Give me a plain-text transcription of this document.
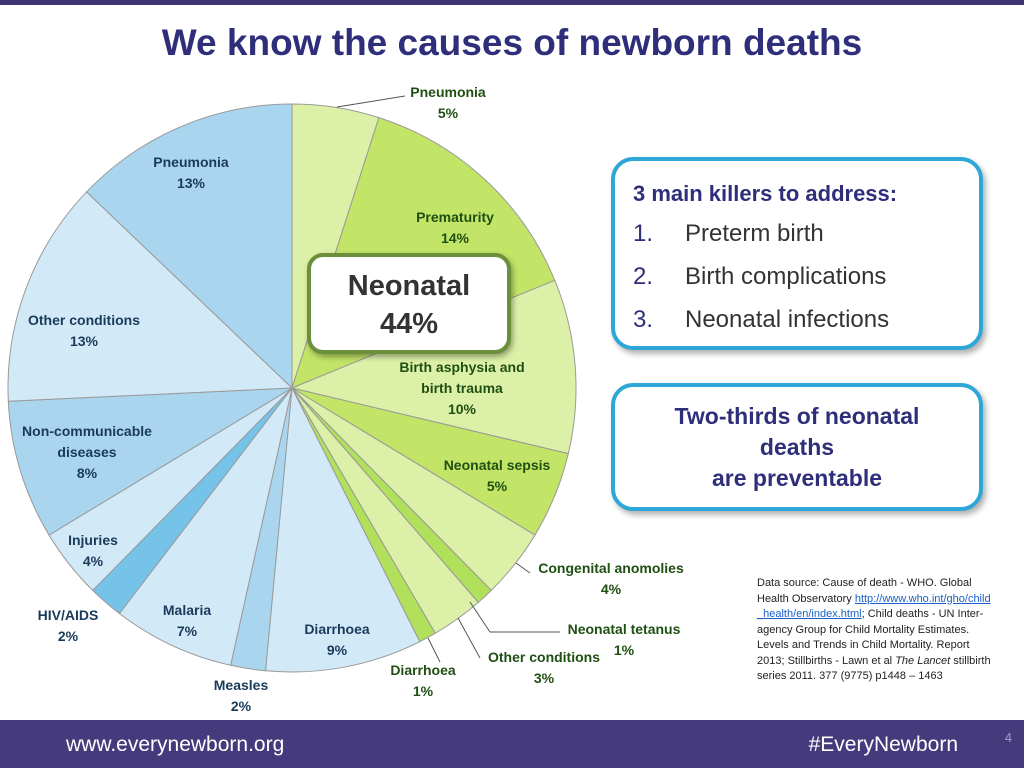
We know the causes of newborn deaths
Pneumonia 5%
Prematurity 14%
Birth asphysia and birth trauma 10%
Neonatal sepsis 5%
Congenital anomolies 4%
Neonatal tetanus 1%
Other conditions 3%
Diarrhoea 1%
Diarrhoea 9%
Measles 2%
Malaria 7%
HIV/AIDS 2%
Injuries 4%
Non-communicable diseases 8%
Other conditions 13%
Pneumonia 13%
Neonatal
44%
3 main killers to address:
1. Preterm birth
2. Birth complications
3. Neonatal infections
Two-thirds of neonatal
deaths
are preventable
Data source: Cause of death - WHO. Global Health Observatory http://www.who.int/gho/child_health/en/index.html; Child deaths - UN Inter-agency Group for Child Mortality Estimates. Levels and Trends in Child Mortality. Report 2013; Stillbirths - Lawn et al The Lancet stillbirth series 2011. 377 (9775) p1448 – 1463
www.everynewborn.org	#EveryNewborn	4
